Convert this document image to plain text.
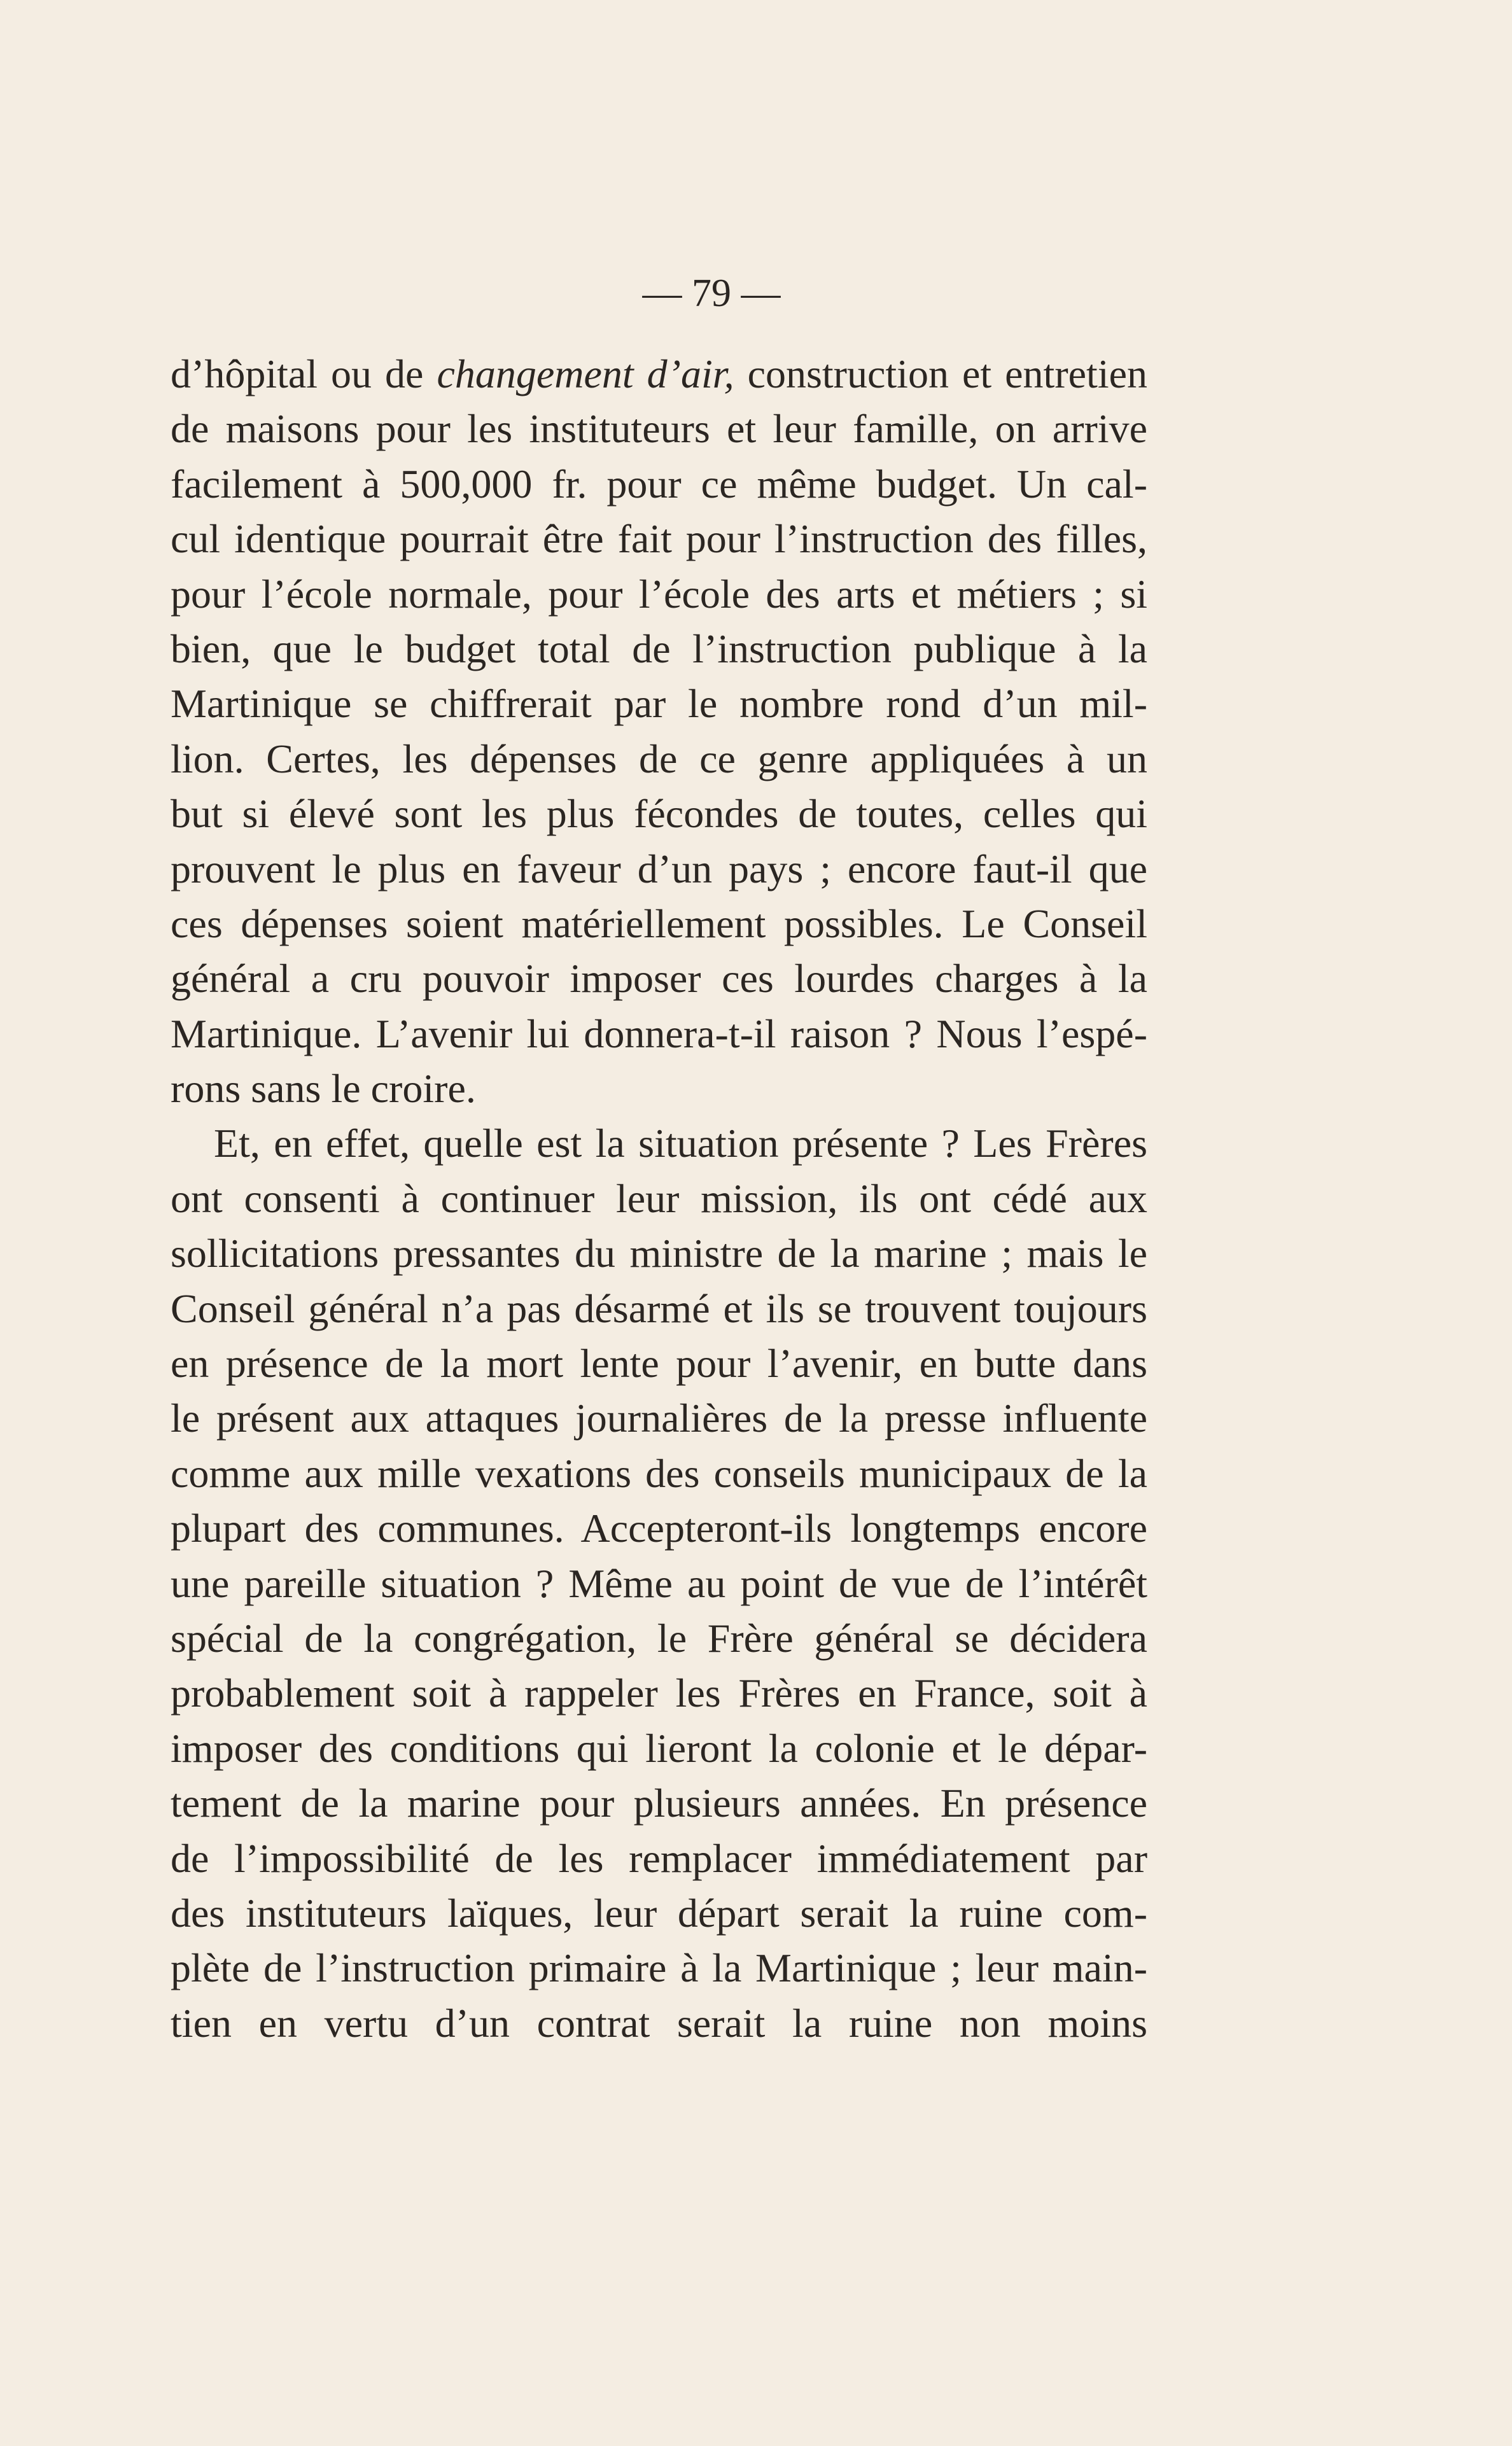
— 79 —
d’hôpital ou de changement d’air, construction et entretien
de maisons pour les instituteurs et leur famille, on arrive
facilement à 500,000 fr. pour ce même budget. Un cal-
cul identique pourrait être fait pour l’instruction des filles,
pour l’école normale, pour l’école des arts et métiers ; si
bien, que le budget total de l’instruction publique à la
Martinique se chiffrerait par le nombre rond d’un mil-
lion. Certes, les dépenses de ce genre appliquées à un
but si élevé sont les plus fécondes de toutes, celles qui
prouvent le plus en faveur d’un pays ; encore faut-il que
ces dépenses soient matériellement possibles. Le Conseil
général a cru pouvoir imposer ces lourdes charges à la
Martinique. L’avenir lui donnera-t-il raison ? Nous l’espé-
rons sans le croire.
Et, en effet, quelle est la situation présente ? Les Frères
ont consenti à continuer leur mission, ils ont cédé aux
sollicitations pressantes du ministre de la marine ; mais le
Conseil général n’a pas désarmé et ils se trouvent toujours
en présence de la mort lente pour l’avenir, en butte dans
le présent aux attaques journalières de la presse influente
comme aux mille vexations des conseils municipaux de la
plupart des communes. Accepteront-ils longtemps encore
une pareille situation ? Même au point de vue de l’intérêt
spécial de la congrégation, le Frère général se décidera
probablement soit à rappeler les Frères en France, soit à
imposer des conditions qui lieront la colonie et le dépar-
tement de la marine pour plusieurs années. En présence
de l’impossibilité de les remplacer immédiatement par
des instituteurs laïques, leur départ serait la ruine com-
plète de l’instruction primaire à la Martinique ; leur main-
tien en vertu d’un contrat serait la ruine non moins
